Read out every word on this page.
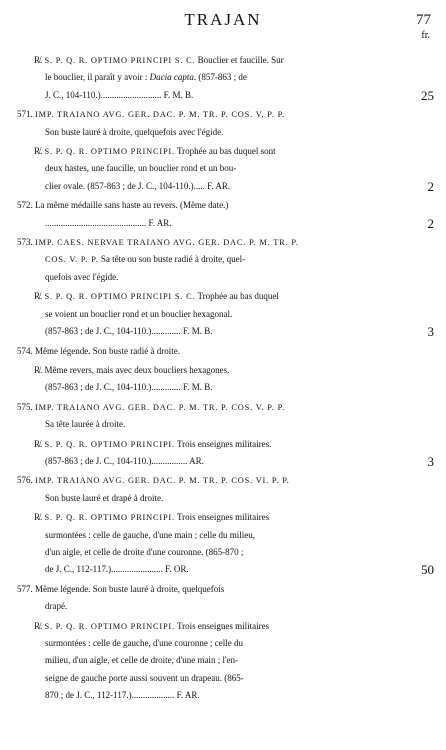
TRAJAN	77
fr.
R̸. S. P. Q. R. OPTIMO PRINCIPI S. C. Bouclier et faucille. Sur
le bouclier, il paraît y avoir : Dacia capta. (857-863 ; de
J. C., 104-110.)........................... F. M. B.	25
571. IMP. TRAIANO AVG. GER. DAC. P. M. TR. P. COS. V. P. P.
Son buste lauré à droite, quelquefois avec l'égide.
R̸. S. P. Q. R. OPTIMO PRINCIPI. Trophée au bas duquel sont
deux hastes, une faucille, un bouclier rond et un bou-
clier ovale. (857-863 ; de J. C., 104-110.)..... F. AR.	2
572. La même médaille sans haste au revers. (Même date.)
............................................. F. AR.	2
573. IMP. CAES. NERVAE TRAIANO AVG. GER. DAC. P. M. TR. P.
COS. V. P. P. Sa tête ou son buste radié à droite, quel-
quefois avec l'égide.
R̸. S. P. Q. R. OPTIMO PRINCIPI S. C. Trophée au bas duquel
se voient un bouclier rond et un bouclier hexagonal.
(857-863 ; de J. C., 104-110.)............. F. M. B.	3
574. Même légende. Son buste radié à droite.
R̸. Même revers, mais avec deux boucliers hexagones.
(857-863 ; de J. C., 104-110.)............. F. M. B.
575. IMP. TRAIANO AVG. GER. DAC. P. M. TR. P. COS. V. P. P.
Sa tête laurée à droite.
R̸. S. P. Q. R. OPTIMO PRINCIPI. Trois enseignes militaires.
(857-863 ; de J. C., 104-110.)................ AR.	3
576. IMP. TRAIANO AVG. GER. DAC. P. M. TR. P. COS. VI. P. P.
Son buste lauré et drapé à droite.
R̸. S. P. Q. R. OPTIMO PRINCIPI. Trois enseignes militaires
surmontées : celle de gauche, d'une main ; celle du milieu,
d'un aigle, et celle de droite d'une couronne. (865-870 ;
de J. C., 112-117.)....................... F. OR.	50
577. Même légende. Son buste lauré à droite, quelquefois
drapé.
R̸. S. P. Q. R. OPTIMO PRINCIPI. Trois enseignes militaires
surmontées : celle de gauche, d'une couronne ; celle du
milieu, d'un aigle, et celle de droite, d'une main ; l'en-
seigne de gauche porte aussi souvent un drapeau. (865-
870 ; de J. C., 112-117.)................... F. AR.
